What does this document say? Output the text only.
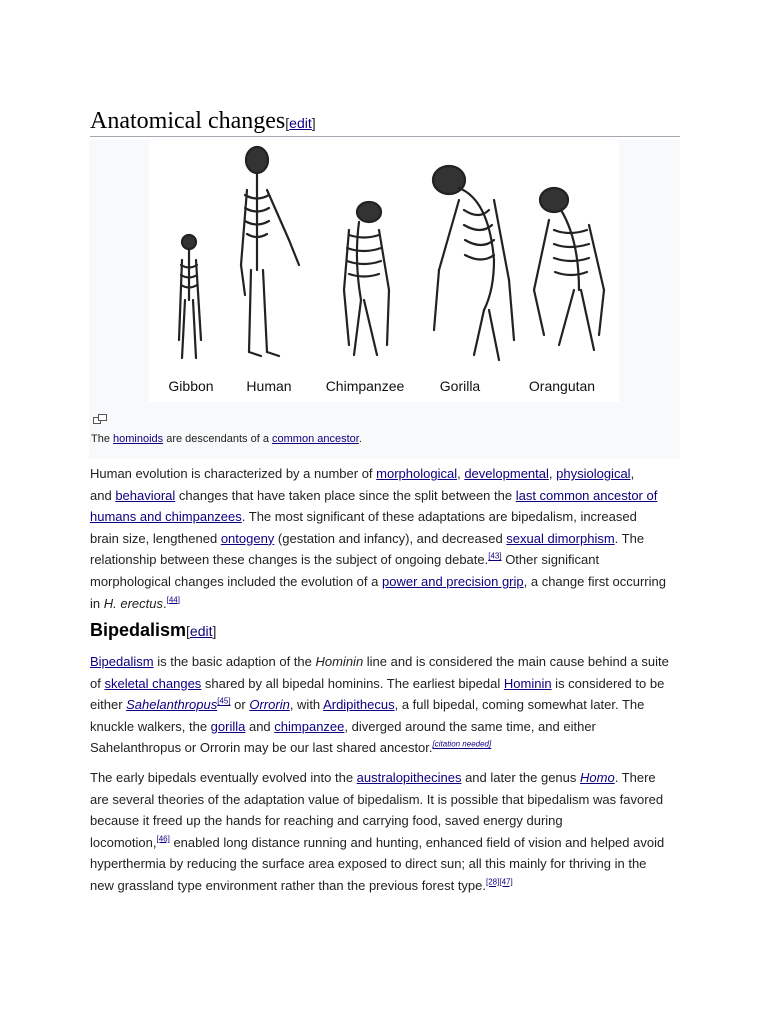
Anatomical changes[edit]
Gibbon Human Chimpanzee	Gorilla	Orangutan
The hominoids are descendants of a common ancestor.
Human evolution is characterized by a number of morphological, developmental, physiological,
and behavioral changes that have taken place since the split between the last common ancestor of
humans and chimpanzees. The most significant of these adaptations are bipedalism, increased
brain size, lengthened ontogeny (gestation and infancy), and decreased sexual dimorphism. The
relationship between these changes is the subject of ongoing debate.[43] Other significant
morphological changes included the evolution of a power and precision grip, a change first occurring
in H. erectus.[44]
Bipedalism[edit]
Bipedalism is the basic adaption of the Hominin line and is considered the main cause behind a suite
of skeletal changes shared by all bipedal hominins. The earliest bipedal Hominin is considered to be
either Sahelanthropus[45] or Orrorin, with Ardipithecus, a full bipedal, coming somewhat later. The
knuckle walkers, the gorilla and chimpanzee, diverged around the same time, and either
Sahelanthropus or Orrorin may be our last shared ancestor.[citation needed]
The early bipedals eventually evolved into the australopithecines and later the genus Homo. There
are several theories of the adaptation value of bipedalism. It is possible that bipedalism was favored
because it freed up the hands for reaching and carrying food, saved energy during
locomotion,[46] enabled long distance running and hunting, enhanced field of vision and helped avoid
hyperthermia by reducing the surface area exposed to direct sun; all this mainly for thriving in the
new grassland type environment rather than the previous forest type.[28][47]
